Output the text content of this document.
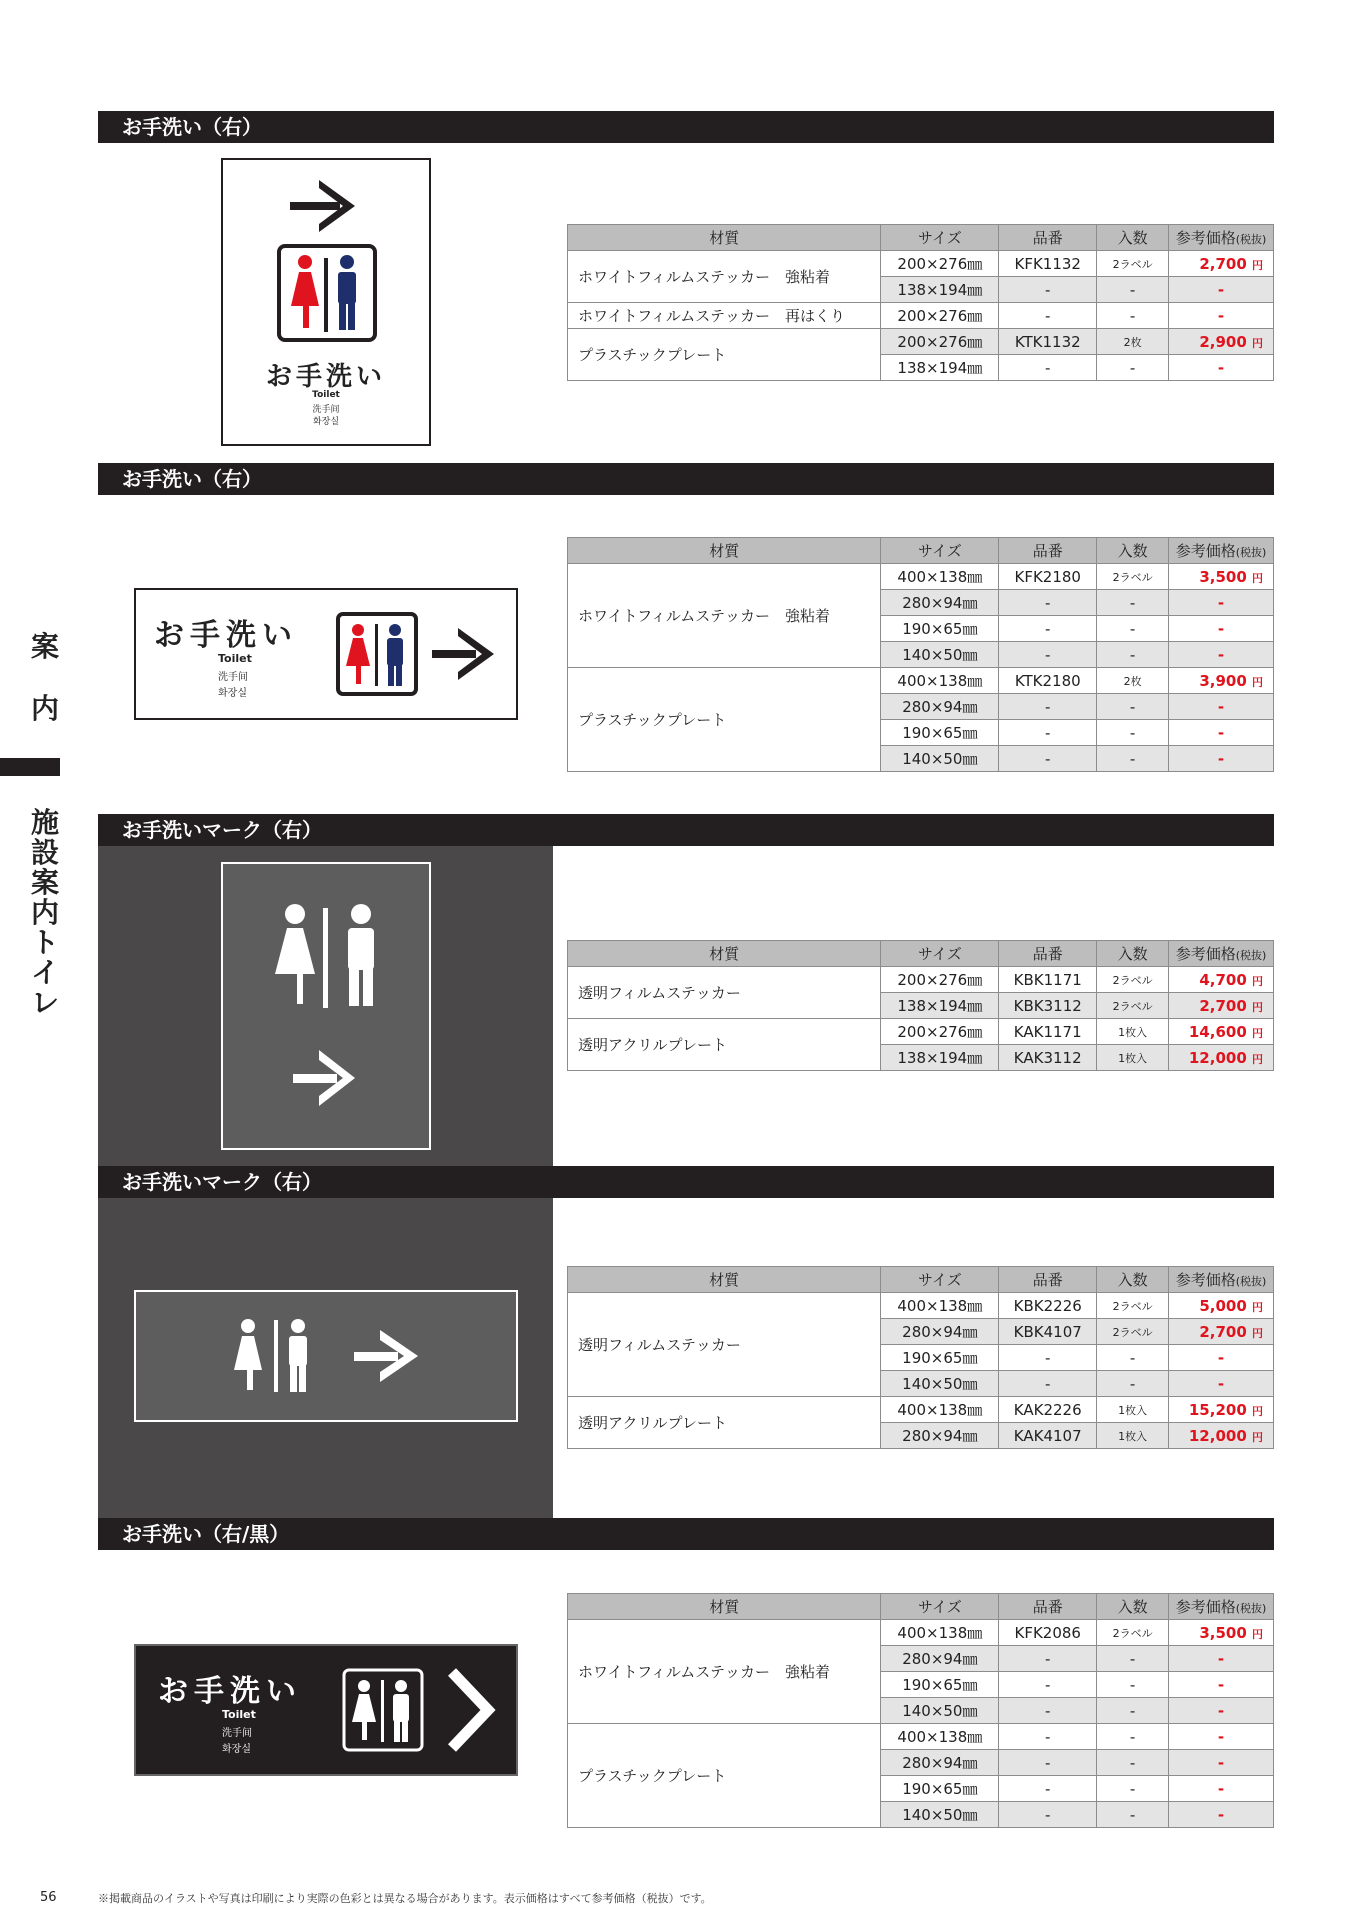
お手洗い（右）
お手洗い（右）
お手洗いマーク（右）
お手洗いマーク（右）
お手洗い（右/黒）
お手洗い
Toilet
洗手间
화장실
お手洗い
Toilet
洗手间
화장실
お手洗い
Toilet
洗手间
화장실
材質	サイズ	品番	入数	参考価格(税抜)
ホワイトフィルムステッカー　強粘着	200×276㎜	KFK1132	2ラベル	2,700 円
	138×194㎜	-	-	-
ホワイトフィルムステッカー　再はくり	200×276㎜	-	-	-
プラスチックプレート	200×276㎜	KTK1132	2枚	2,900 円
	138×194㎜	-	-	-
材質	サイズ	品番	入数	参考価格(税抜)
ホワイトフィルムステッカー　強粘着	400×138㎜	KFK2180	2ラベル	3,500 円
	280×94㎜	-	-	-
	190×65㎜	-	-	-
	140×50㎜	-	-	-
プラスチックプレート	400×138㎜	KTK2180	2枚	3,900 円
	280×94㎜	-	-	-
	190×65㎜	-	-	-
	140×50㎜	-	-	-
材質	サイズ	品番	入数	参考価格(税抜)
透明フィルムステッカー	200×276㎜	KBK1171	2ラベル	4,700 円
	138×194㎜	KBK3112	2ラベル	2,700 円
透明アクリルプレート	200×276㎜	KAK1171	1枚入	14,600 円
	138×194㎜	KAK3112	1枚入	12,000 円
材質	サイズ	品番	入数	参考価格(税抜)
透明フィルムステッカー	400×138㎜	KBK2226	2ラベル	5,000 円
	280×94㎜	KBK4107	2ラベル	2,700 円
	190×65㎜	-	-	-
	140×50㎜	-	-	-
透明アクリルプレート	400×138㎜	KAK2226	1枚入	15,200 円
	280×94㎜	KAK4107	1枚入	12,000 円
材質	サイズ	品番	入数	参考価格(税抜)
ホワイトフィルムステッカー　強粘着	400×138㎜	KFK2086	2ラベル	3,500 円
	280×94㎜	-	-	-
	190×65㎜	-	-	-
	140×50㎜	-	-	-
プラスチックプレート	400×138㎜	-	-	-
	280×94㎜	-	-	-
	190×65㎜	-	-	-
	140×50㎜	-	-	-
案
内
施設案内 トイレ
56	※掲載商品のイラストや写真は印刷により実際の色彩とは異なる場合があります。表示価格はすべて参考価格（税抜）です。
